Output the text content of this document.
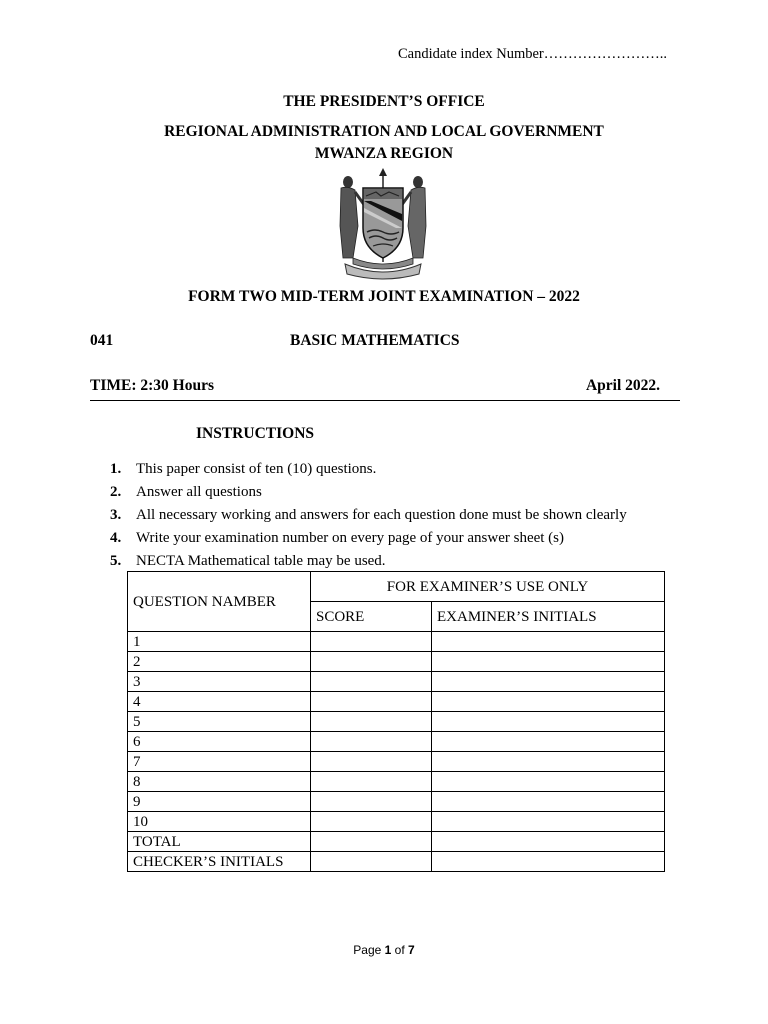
Candidate index Number……………………..
THE PRESIDENT’S OFFICE
REGIONAL ADMINISTRATION AND LOCAL GOVERNMENT
MWANZA REGION
FORM TWO MID-TERM JOINT EXAMINATION – 2022
041	BASIC MATHEMATICS
TIME: 2:30 Hours	April 2022.
INSTRUCTIONS
1. This paper consist of ten (10) questions.
2. Answer all questions
3. All necessary working and answers for each question done must be shown clearly
4. Write your examination number on every page of your answer sheet (s)
5. NECTA Mathematical table may be used.
QUESTION NAMBER	FOR EXAMINER’S USE ONLY	
	SCORE	EXAMINER’S INITIALS
1		
2		
3		
4		
5		
6		
7		
8		
9		
10		
TOTAL		
CHECKER’S INITIALS		
Page 1 of 7
